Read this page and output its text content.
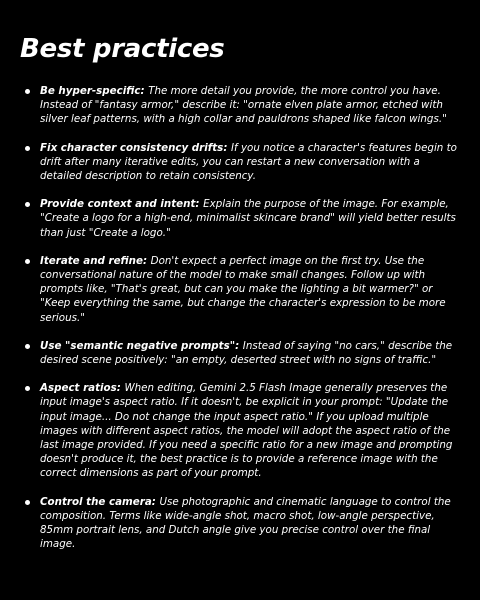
Best practices
Be hyper-specific: The more detail you provide, the more control you have. Instead of "fantasy armor," describe it: "ornate elven plate armor, etched with silver leaf patterns, with a high collar and pauldrons shaped like falcon wings."
Fix character consistency drifts: If you notice a character's features begin to drift after many iterative edits, you can restart a new conversation with a detailed description to retain consistency.
Provide context and intent: Explain the purpose of the image. For example, "Create a logo for a high-end, minimalist skincare brand" will yield better results than just "Create a logo."
Iterate and refine: Don't expect a perfect image on the first try. Use the conversational nature of the model to make small changes. Follow up with prompts like, "That's great, but can you make the lighting a bit warmer?" or "Keep everything the same, but change the character's expression to be more serious."
Use "semantic negative prompts": Instead of saying "no cars," describe the desired scene positively: "an empty, deserted street with no signs of traffic."
Aspect ratios: When editing, Gemini 2.5 Flash Image generally preserves the input image's aspect ratio. If it doesn't, be explicit in your prompt: "Update the input image... Do not change the input aspect ratio." If you upload multiple images with different aspect ratios, the model will adopt the aspect ratio of the last image provided. If you need a specific ratio for a new image and prompting doesn't produce it, the best practice is to provide a reference image with the correct dimensions as part of your prompt.
Control the camera: Use photographic and cinematic language to control the composition. Terms like wide-angle shot, macro shot, low-angle perspective, 85mm portrait lens, and Dutch angle give you precise control over the final image.
